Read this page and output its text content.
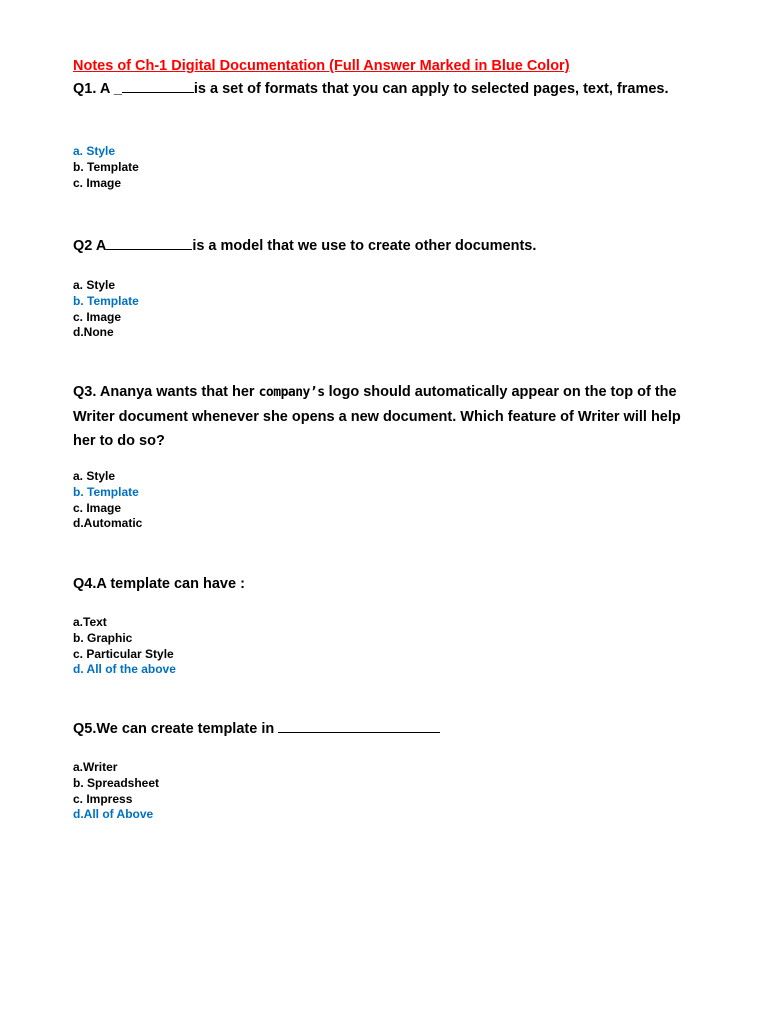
Notes of Ch-1 Digital Documentation (Full Answer Marked in Blue Color)
Q1. A _	is a set of formats that you can apply to selected pages, text, frames.
a. Style
b. Template
c. Image
Q2 A	is a model that we use to create other documents.
a. Style
b. Template
c. Image
d.None
Q3. Ananya wants that her company’s logo should automatically appear on the top of the Writer document whenever she opens a new document. Which feature of Writer will help her to do so?
a. Style
b. Template
c. Image
d.Automatic
Q4.A template can have :
a.Text
b. Graphic
c. Particular Style
d. All of the above
Q5.We can create template in
a.Writer
b. Spreadsheet
c. Impress
d.All of Above
